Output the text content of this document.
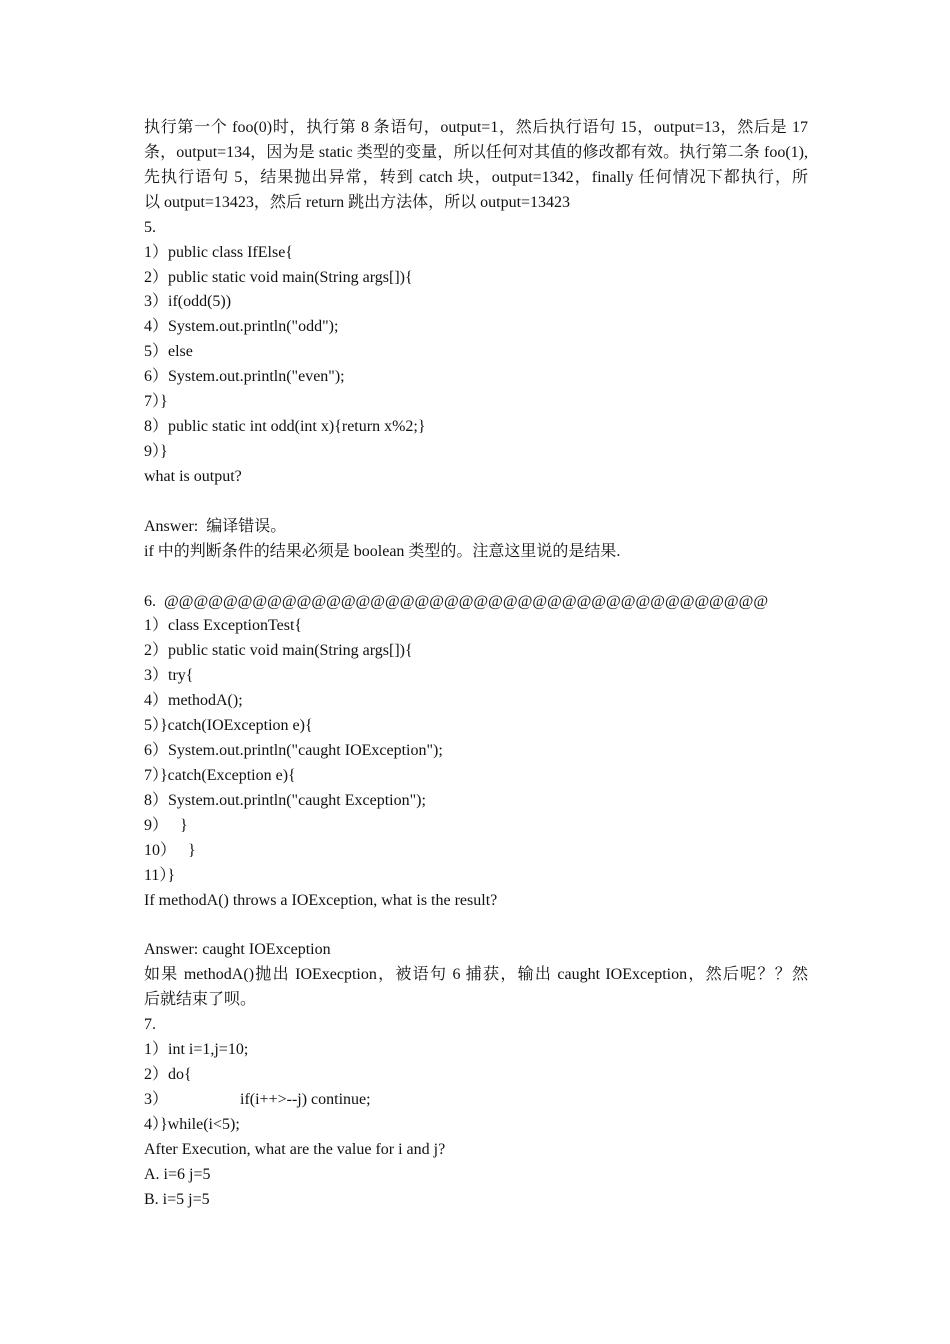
执行第一个 foo(0)时，执行第 8 条语句，output=1，然后执行语句 15，output=13，然后是 17
条，output=134，因为是 static 类型的变量，所以任何对其值的修改都有效。执行第二条 foo(1),
先执行语句 5，结果抛出异常，转到 catch 块，output=1342，finally 任何情况下都执行，所
以 output=13423，然后 return 跳出方法体，所以 output=13423
5.
1）public class IfElse{
2）public static void main(String args[]){
3）if(odd(5))
4）System.out.println("odd");
5）else
6）System.out.println("even");
7）}
8）public static int odd(int x){return x%2;}
9）}
what is output?
Answer:  编译错误。
if 中的判断条件的结果必须是 boolean 类型的。注意这里说的是结果.
6.  @@@@@@@@@@@@@@@@@@@@@@@@@@@@@@@@@@@@@@@@@
1）class ExceptionTest{
2）public static void main(String args[]){
3）try{
4）methodA();
5）}catch(IOException e){
6）System.out.println("caught IOException");
7）}catch(Exception e){
8）System.out.println("caught Exception");
9）   }
10）   }
11）}
If methodA() throws a IOException, what is the result?
Answer: caught IOException
如果 methodA()抛出 IOExecption，被语句 6 捕获，输出 caught IOException，然后呢？？然
后就结束了呗。
7.
1）int i=1,j=10;
2）do{
3）                  if(i++>--j) continue;
4）}while(i<5);
After Execution, what are the value for i and j?
A. i=6 j=5
B. i=5 j=5
